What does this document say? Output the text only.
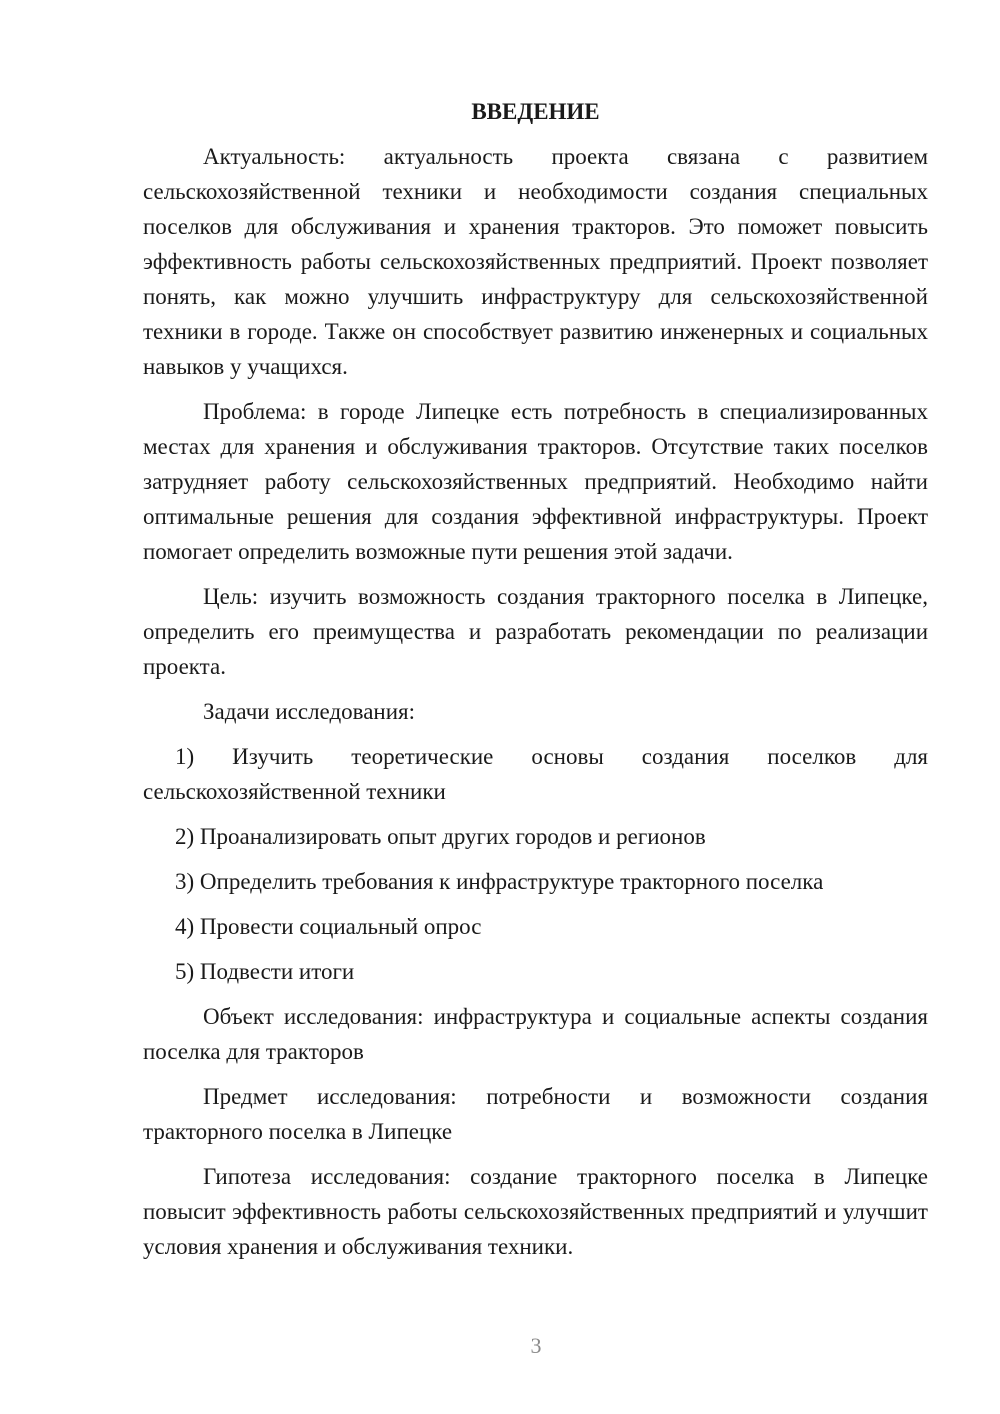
ВВЕДЕНИЕ

Актуальность: актуальность проекта связана с развитием сельскохозяйственной техники и необходимости создания специальных поселков для обслуживания и хранения тракторов. Это поможет повысить эффективность работы сельскохозяйственных предприятий. Проект позволяет понять, как можно улучшить инфраструктуру для сельскохозяйственной техники в городе. Также он способствует развитию инженерных и социальных навыков у учащихся.

Проблема: в городе Липецке есть потребность в специализированных местах для хранения и обслуживания тракторов. Отсутствие таких поселков затрудняет работу сельскохозяйственных предприятий. Необходимо найти оптимальные решения для создания эффективной инфраструктуры. Проект помогает определить возможные пути решения этой задачи.

Цель: изучить возможность создания тракторного поселка в Липецке, определить его преимущества и разработать рекомендации по реализации проекта.

Задачи исследования:

1) Изучить теоретические основы создания поселков для сельскохозяйственной техники

2) Проанализировать опыт других городов и регионов

3) Определить требования к инфраструктуре тракторного поселка

4) Провести социальный опрос

5) Подвести итоги

Объект исследования: инфраструктура и социальные аспекты создания поселка для тракторов

Предмет исследования: потребности и возможности создания тракторного поселка в Липецке

Гипотеза исследования: создание тракторного поселка в Липецке повысит эффективность работы сельскохозяйственных предприятий и улучшит условия хранения и обслуживания техники.

3
